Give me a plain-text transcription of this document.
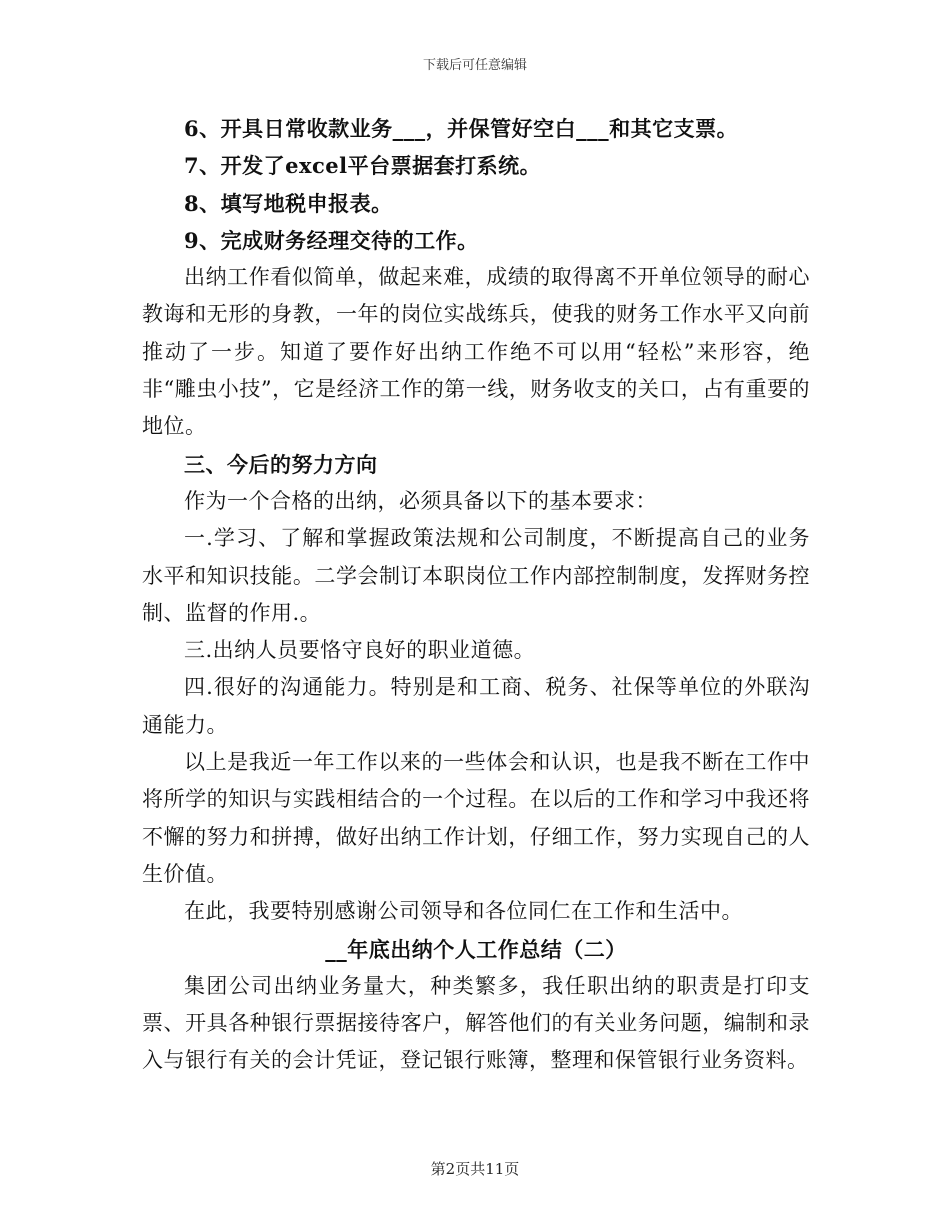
下载后可任意编辑

6、开具日常收款业务___，并保管好空白___和其它支票。

7、开发了excel平台票据套打系统。

8、填写地税申报表。

9、完成财务经理交待的工作。

出纳工作看似简单，做起来难，成绩的取得离不开单位领导的耐心教诲和无形的身教，一年的岗位实战练兵，使我的财务工作水平又向前推动了一步。知道了要作好出纳工作绝不可以用“轻松”来形容，绝非“雕虫小技”，它是经济工作的第一线，财务收支的关口，占有重要的地位。

三、今后的努力方向

作为一个合格的出纳，必须具备以下的基本要求：

一.学习、了解和掌握政策法规和公司制度，不断提高自己的业务水平和知识技能。二学会制订本职岗位工作内部控制制度，发挥财务控制、监督的作用.。

三.出纳人员要恪守良好的职业道德。

四.很好的沟通能力。特别是和工商、税务、社保等单位的外联沟通能力。

以上是我近一年工作以来的一些体会和认识，也是我不断在工作中将所学的知识与实践相结合的一个过程。在以后的工作和学习中我还将不懈的努力和拼搏，做好出纳工作计划，仔细工作，努力实现自己的人生价值。

在此，我要特别感谢公司领导和各位同仁在工作和生活中。

__年底出纳个人工作总结（二）

集团公司出纳业务量大，种类繁多，我任职出纳的职责是打印支票、开具各种银行票据接待客户，解答他们的有关业务问题，编制和录入与银行有关的会计凭证，登记银行账簿，整理和保管银行业务资料。

第2页共11页
